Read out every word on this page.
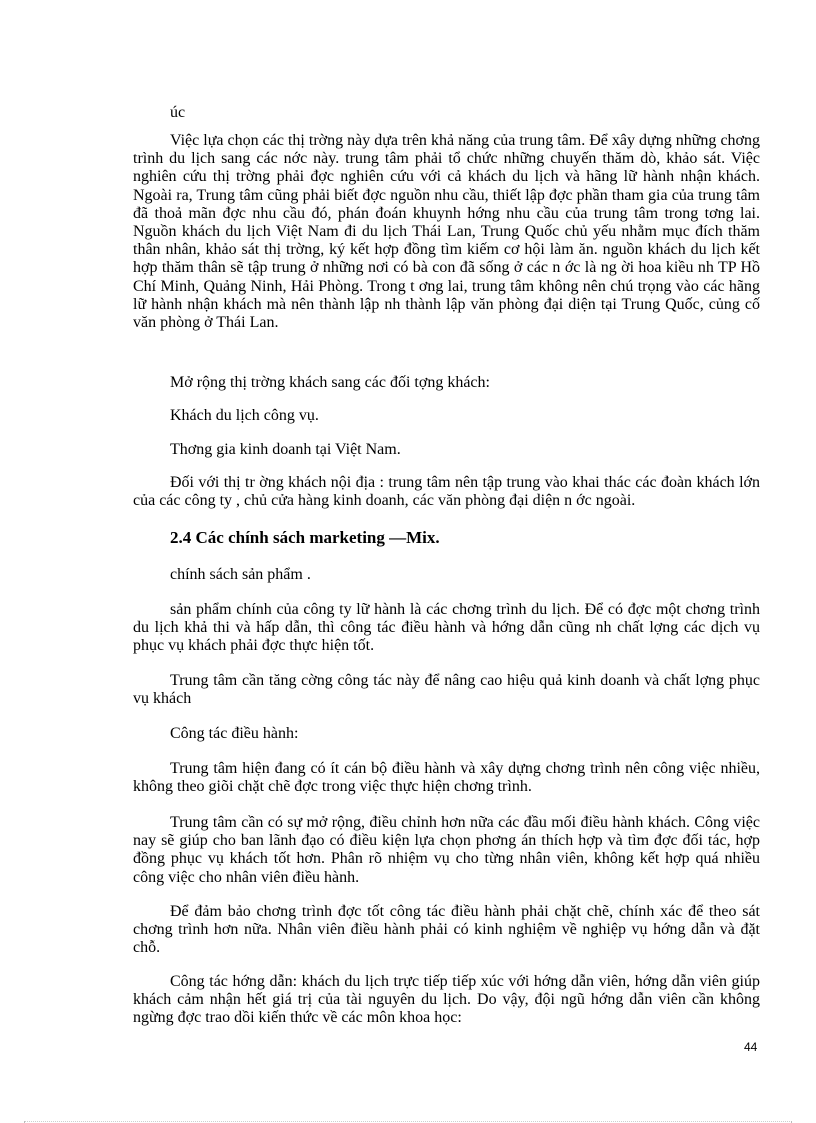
úc

Việc lựa chọn các thị trờng này dựa trên khả năng của trung tâm. Để xây dựng những chơng trình du lịch sang các nớc này. trung tâm phải tổ chức những chuyến thăm dò, khảo sát. Việc nghiên cứu thị trờng phải đợc nghiên cứu với cả khách du lịch và hãng lữ hành nhận khách. Ngoài ra, Trung tâm cũng phải biết đợc nguồn nhu cầu, thiết lập đợc phần tham gia của trung tâm đã thoả mãn đợc nhu cầu đó, phán đoán khuynh hớng nhu cầu của trung tâm trong tơng lai. Nguồn khách du lịch Việt Nam đi du lịch Thái Lan, Trung Quốc chủ yếu nhằm mục đích thăm thân nhân, khảo sát thị trờng, ký kết hợp đồng tìm kiếm cơ hội làm ăn. nguồn khách du lịch kết hợp thăm thân sẽ tập trung ở những nơi có bà con đã sống ở các n ớc là ng ời hoa kiều nh TP Hồ Chí Minh, Quảng Ninh, Hải Phòng. Trong t ơng lai, trung tâm không nên chú trọng vào các hãng lữ hành nhận khách mà nên thành lập nh thành lập văn phòng đại diện tại Trung Quốc, củng cố văn phòng ở Thái Lan.

Mở rộng thị trờng khách sang các đối tợng khách:

Khách du lịch công vụ.

Thơng gia kinh doanh tại Việt Nam.

Đối với thị tr ờng khách nội địa : trung tâm nên tập trung vào khai thác các đoàn khách lớn của các công ty , chủ cửa hàng kinh doanh, các văn phòng đại diện n ớc ngoài.

2.4 Các chính sách marketing —Mix.

chính sách sản phẩm .

sản phẩm chính của công ty lữ hành là các chơng trình du lịch. Để có đợc một chơng trình du lịch khả thi và hấp dẫn, thì công tác điều hành và hớng dẫn cũng nh chất lợng các dịch vụ phục vụ khách phải đợc thực hiện tốt.

Trung tâm cần tăng cờng công tác này để nâng cao hiệu quả kinh doanh và chất lợng phục vụ khách

Công tác điều hành:

Trung tâm hiện đang có ít cán bộ điều hành và xây dựng chơng trình nên công việc nhiều, không theo giõi chặt chẽ đợc trong việc thực hiện chơng trình.

Trung tâm cần có sự mở rộng, điều chỉnh hơn nữa các đầu mối điều hành khách. Công việc nay sẽ giúp cho ban lãnh đạo có điều kiện lựa chọn phơng án thích hợp và tìm đợc đối tác, hợp đồng phục vụ khách tốt hơn. Phân rõ nhiệm vụ cho từng nhân viên, không kết hợp quá nhiều công việc cho nhân viên điều hành.

Để đảm bảo chơng trình đợc tốt công tác điều hành phải chặt chẽ, chính xác để theo sát chơng trình hơn nữa. Nhân viên điều hành phải có kinh nghiệm về nghiệp vụ hớng dẫn và đặt chỗ.

Công tác hớng dẫn: khách du lịch trực tiếp tiếp xúc với hớng dẫn viên, hớng dẫn viên giúp khách cảm nhận hết giá trị của tài nguyên du lịch. Do vậy, đội ngũ hớng dẫn viên cần không ngừng đợc trao dồi kiến thức về các môn khoa học:

44
